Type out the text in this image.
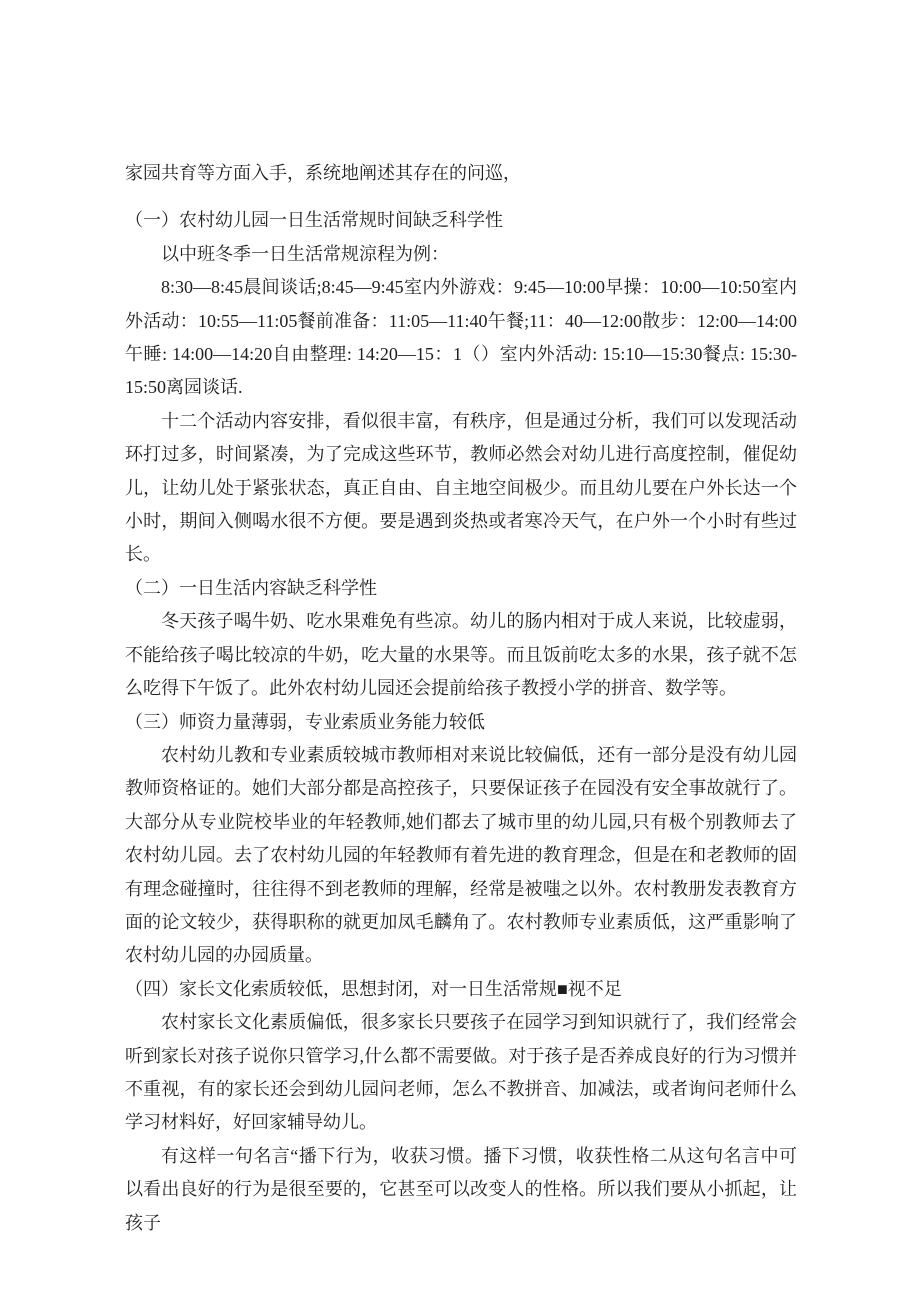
家园共育等方面入手，系统地阐述其存在的问巡，

（一）农村幼儿园一日生活常规时间缺乏科学性

以中班冬季一日生活常规涼程为例：

8:30—8:45晨间谈话;8:45—9:45室内外游戏：9:45—10:00早操：10:00—10:50室内外活动：10:55—11:05餐前准备：11:05—11:40午餐;11：40—12:00散步：12:00—14:00午睡: 14:00—14:20自由整理: 14:20—15：1（）室内外活动: 15:10—15:30餐点: 15:30-15:50离园谈话.

十二个活动内容安排，看似很丰富，有秩序，但是通过分析，我们可以发现活动环打过多，时间紧凑，为了完成这些环节，教师必然会对幼儿进行高度控制，催促幼儿，让幼儿处于紧张状态，真正自由、自主地空间极少。而且幼儿要在户外长达一个小时，期间入侧喝水很不方便。要是遇到炎热或者寒冷天气，在户外一个小时有些过长。

（二）一日生活内容缺乏科学性

冬天孩子喝牛奶、吃水果难免有些凉。幼儿的肠内相对于成人来说，比较虚弱，不能给孩子喝比较凉的牛奶，吃大量的水果等。而且饭前吃太多的水果，孩子就不怎么吃得下午饭了。此外农村幼儿园还会提前给孩子教授小学的拼音、数学等。

（三）师资力量薄弱，专业索质业务能力较低

农村幼儿教和专业素质较城市教师相对来说比较偏低，还有一部分是没有幼儿园教师资格证的。她们大部分都是高控孩子，只要保证孩子在园没有安全事故就行了。大部分从专业院校毕业的年轻教师,她们都去了城市里的幼儿园,只有极个别教师去了农村幼儿园。去了农村幼儿园的年轻教师有着先进的教育理念，但是在和老教师的固有理念碰撞时，往往得不到老教师的理解，经常是被嗤之以外。农村教册发表教育方面的论文较少，获得职称的就更加凤毛麟角了。农村教师专业素质低，这严重影响了农村幼儿园的办园质量。

（四）家长文化索质较低，思想封闭，对一日生活常规■视不足

农村家长文化素质偏低，很多家长只要孩子在园学习到知识就行了，我们经常会听到家长对孩子说你只管学习,什么都不需要做。对于孩子是否养成良好的行为习惯并不重视，有的家长还会到幼儿园问老师，怎么不教拼音、加减法，或者询问老师什么学习材料好，好回家辅导幼儿。

有这样一句名言“播下行为，收获习惯。播下习惯，收获性格二从这句名言中可以看出良好的行为是很至要的，它甚至可以改变人的性格。所以我们要从小抓起，让孩子
